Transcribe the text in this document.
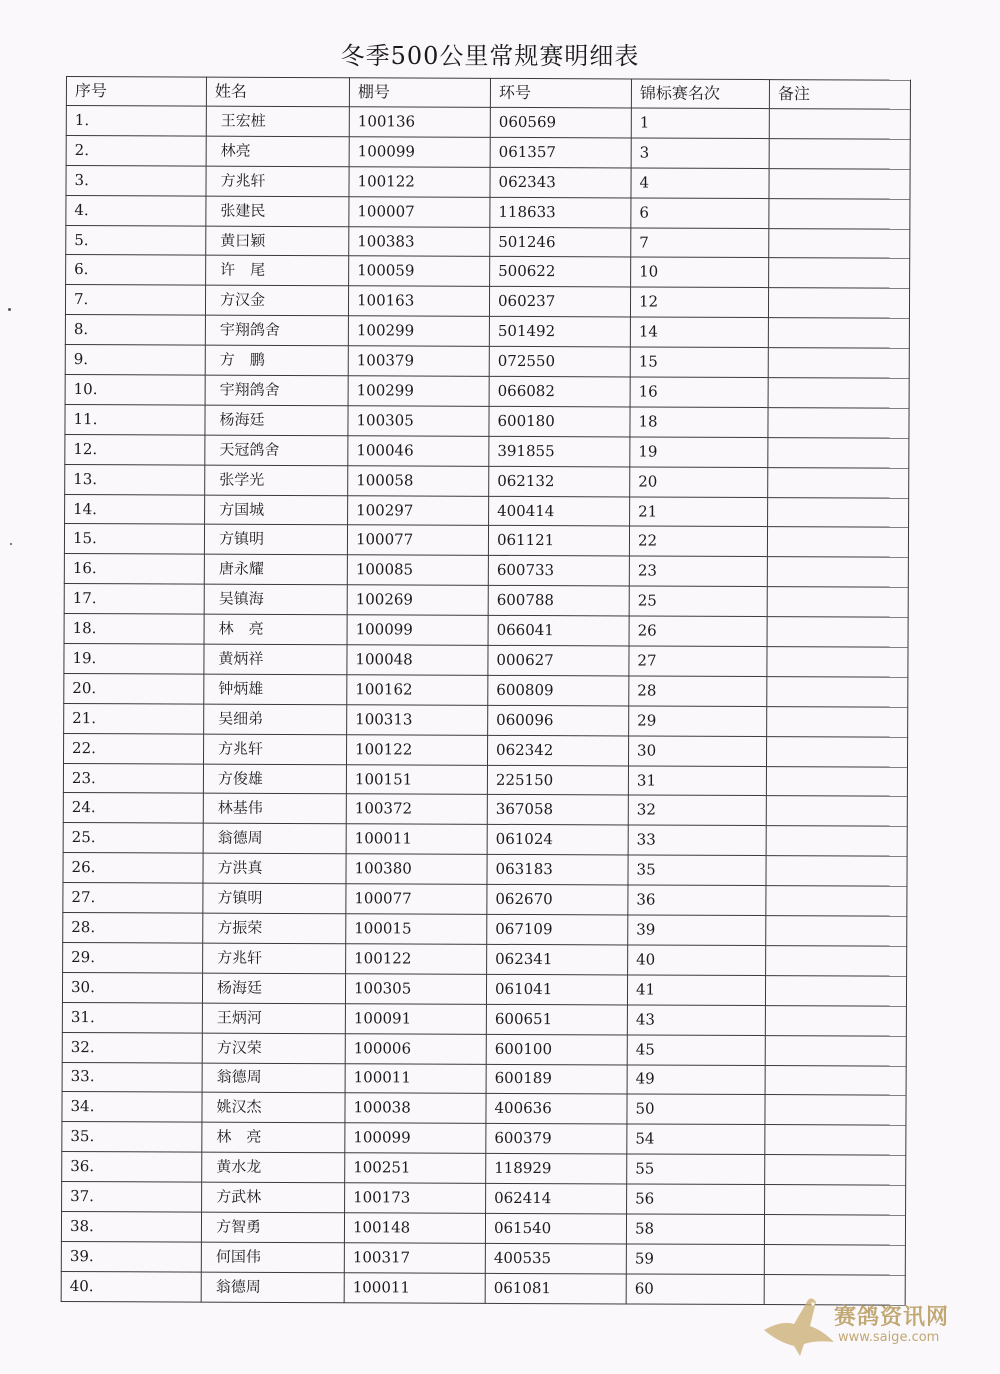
冬季500公里常规赛明细表
序号	姓名	棚号	环号	锦标赛名次	备注
1.	王宏桩	100136	060569	1	
2.	林亮	100099	061357	3	
3.	方兆轩	100122	062343	4	
4.	张建民	100007	118633	6	
5.	黄曰颖	100383	501246	7	
6.	许　尾	100059	500622	10	
7.	方汉金	100163	060237	12	
8.	宇翔鸽舍	100299	501492	14	
9.	方　鹏	100379	072550	15	
10.	宇翔鸽舍	100299	066082	16	
11.	杨海廷	100305	600180	18	
12.	天冠鸽舍	100046	391855	19	
13.	张学光	100058	062132	20	
14.	方国城	100297	400414	21	
15.	方镇明	100077	061121	22	
16.	唐永耀	100085	600733	23	
17.	吴镇海	100269	600788	25	
18.	林　亮	100099	066041	26	
19.	黄炳祥	100048	000627	27	
20.	钟炳雄	100162	600809	28	
21.	吴细弟	100313	060096	29	
22.	方兆轩	100122	062342	30	
23.	方俊雄	100151	225150	31	
24.	林基伟	100372	367058	32	
25.	翁德周	100011	061024	33	
26.	方洪真	100380	063183	35	
27.	方镇明	100077	062670	36	
28.	方振荣	100015	067109	39	
29.	方兆轩	100122	062341	40	
30.	杨海廷	100305	061041	41	
31.	王炳河	100091	600651	43	
32.	方汉荣	100006	600100	45	
33.	翁德周	100011	600189	49	
34.	姚汉杰	100038	400636	50	
35.	林　亮	100099	600379	54	
36.	黄水龙	100251	118929	55	
37.	方武林	100173	062414	56	
38.	方智勇	100148	061540	58	
39.	何国伟	100317	400535	59	
40.	翁德周	100011	061081	60	
赛鸽资讯网
www.saige.com
